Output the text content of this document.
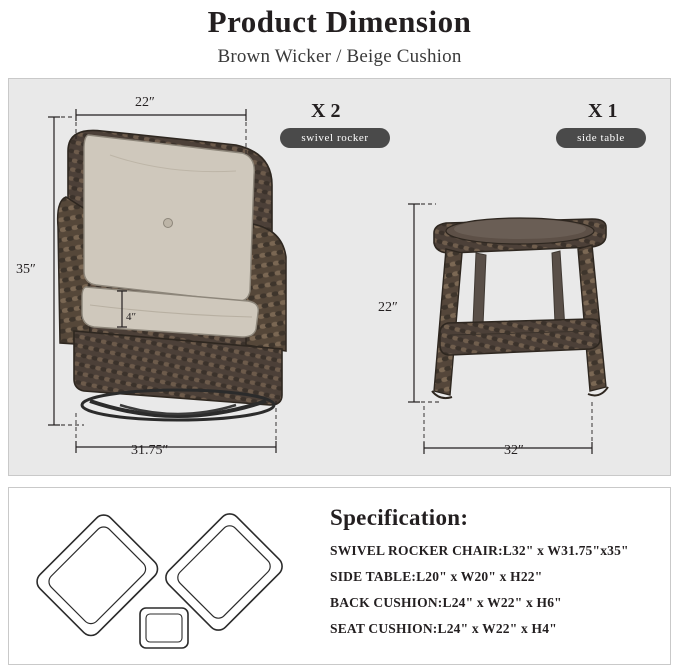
Product Dimension
Brown Wicker / Beige Cushion
22″
35″
4″
31.75″
X 2
swivel rocker
22″
32″
X 1
side table
Specification:
SWIVEL ROCKER CHAIR:L32" x W31.75"x35"
SIDE TABLE:L20" x W20" x H22"
BACK CUSHION:L24" x W22" x H6"
SEAT CUSHION:L24" x W22" x H4"
